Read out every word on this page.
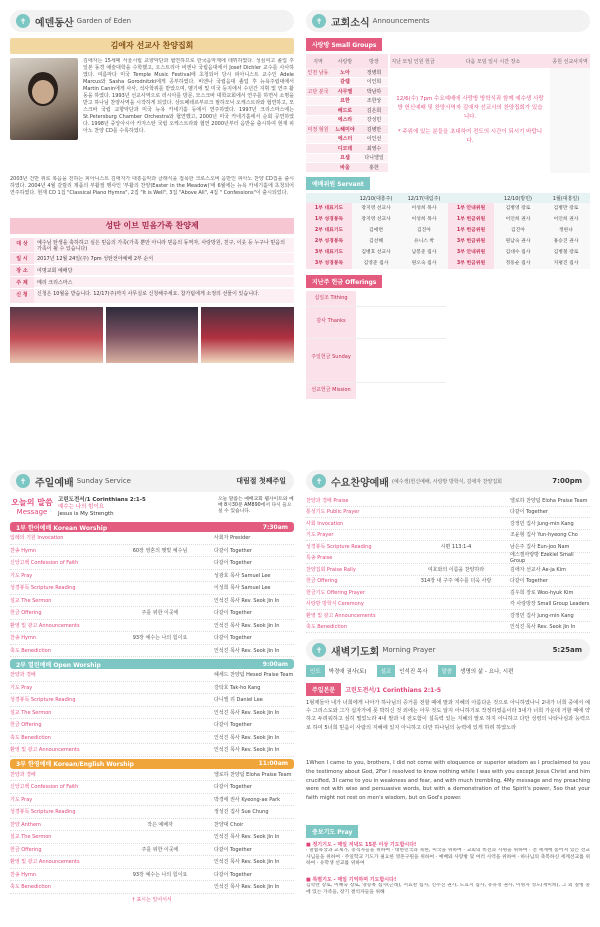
✝ 예덴동산 Garden of Eden
김애자 선교사 찬양집회

김애자는 15세때 서울시립 교향악단과 협연하므로 한국음악계에 데뷔하였다. 성심여고 졸업 후 일본 동경 예술대학을 수학했고, 오스트리아 비엔나 국립음대에서 Josef Dichler 교수를 사사하였다. 여름마다 미국 Temple Music Festival에 초청되어 당시 피아니스트 교수인 Adele Marcus와 Sasha Gorodnitzki에게 공부하였다. 비엔나 국립음대 졸업 후 뉴욕주립대에서 Martin Canin에게 사사, 석사학위를 받았으며, 벨기에 및 미국 등지에서 수년간 지휘 및 연주 활동을 하였다. 1993년 선교사역으로 러시아를 방문, 모스크바 대학교회에서 연주를 하면서 소명을 받고 하나님 찬양사역을 시작하게 되었다. 상트페테르부르크 필하모닉 오케스트라와 협연하고, 모스크바 국립 교향악단과 미국 뉴욕 카네기홀 등에서 연주하였다. 1997년 크리스마스에는 St.Petersburg Chamber Orchestra와 협연했고, 2000년 미국 카네기홀에서 순회 공연하였다. 1998년 중앙아시아 카자스탄 국립 오케스트라와 협연 2000년부터 음반을 출시하여 현재 피아노 찬양 CD를 수록하였다.

2003년 건반 위로 복음을 전하는 피아니스트 김애자가 대흥음악과 클래식을 접목한 크로스오버 음반인 피아노 찬양 CD집을 출시하였다. 2004년 4월 갈릴리 제품의 부활절 행사인 '부활의 찬양(Easter in the Meadow)'에 6월에는 뉴욕 카네기홀에 초청되어 연주하였다. 현재 CD 1집 "Classical Piano Hymns", 2집 "It is Well", 3집 "Above All", 4집 " Confessions"이 출시되었다.

성탄 이브 믿음가족 찬양제
대 상	예수님 탄생을 축하하고 싶은 믿음의 가족(가족 뿐만 아니라 믿음의 동역자, 사랑방원, 친구, 이웃 등 누구나 믿음의 가족이 될 수 있습니다)
일 시	2017년 12월 24일(주) 7pm 성탄전야예배 2부 순서
장 소	여명교회 예배당
주 제	메리 크리스마스
신 청	신청은 10월을 받습니다. 12/17(주)까지 사무실로 신청해주세요. 참가팀에게 소정의 선물이 있습니다.
✝ 교회소식 Announcements
사랑방 Small Groups
지역	사랑방	방장
인천 남동	노아	정병희
갈렙	이인희
고단 분국	사무엘	박남하
요한	조한상
베드로	김은희
에스라	강성민
미정 형원	느헤미야	김병만
에스더	이인선
디모데	최영수
요셉	다니엘일
바울	홍한
지난 모임 인원 헌금	다음 모임 일시 시간 장소	종원 선교사지역
12/6(수) 7pm 수요예배에 사랑방 방학식과 함께 예수생 사랑방 헌신예배 및 찬양사역자 김애자 선교사의 찬양집회가 있습니다.
* 주위에 있는 분들을 초대하여 전도의 시간이 되시기 바랍니다.
예배위원 Servant
12/10(대흥주)	12/17(대림주)	12/10(방민)	1월(대흥일)
1부 대표기도	장지영 선교사	이성희 목사	1부 안내위원	김병영 장로	김병만 장로
1부 성경봉독	장지영 선교사	이성희 목사	1부 헌금위원	이인희 권사	이인희 권사
2부 대표기도	김애련	김진아	1부 헌금위원	김진아	정한나
2부 성경봉독	김선혜	유니스 박	3부 헌금위원	원남숙 권사	홍승진 권사
3부 대표기도	김병호 선교사	남봉준 집사	3부 안내위원	김대수 집사	김병철 장로
3부 성경봉독	김영준 집사	원오숙 집사	3부 헌금위원	정동순 집사	지평진 집사
지난주 헌금 Offerings
십일조 Tithing
감사 Thanks
주일헌금 Sunday
선교헌금 Mission
✝ 주일예배 Sunday Service	대림절 첫째주일
오늘의 말씀
Message
고린도전서/1 Corinthians 2:1-5
예수는 나의 힘이요
Jesus is My Strength
오늘 말씀는 예배교회 웹사이트와 예배 8시30분 AM890에서 다시 들으실 수 있습니다.
1부 한어예배 Korean Worship	7:30am
입례의 기원 Invocation	사회자 Presider
찬송 Hymn	60장 영혼의 햇빛 예수님	다같이 Together
신앙고백 Confession of Faith	다같이 Together
기도 Pray	성광호 목사 Samuel Lee
성경봉독 Scripture Reading	이성희 목사 Samuel Lee
설교 The Sermon	인석진 목사 Rev. Seok Jin In
헌금 Offering	주를 위한 이곳에	다같이 Together
환영 및 광고 Announcements	인석진 목사 Rev. Seok Jin In
찬송 Hymn	93장 예수는 나의 힘이요	다같이 Together
축도 Benediction	인석진 목사 Rev. Seok Jin In
2부 열린예배 Open Worship	9:00am
찬양과 경배	헤세드 찬양팀 Hesed Praise Team
기도 Pray	강탁호 Tak-ho Kang
성경봉독 Scripture Reading	다니엘 리 Daniel Lee
설교 The Sermon	인석진 목사 Rev. Seok Jin In
헌금 Offering	다같이 Together
축도 Benediction	인석진 목사 Rev. Seok Jin In
환영 및 광고 Announcements	인석진 목사 Rev. Seok Jin In
3부 한영예배 Korean/English Worship	11:00am
찬양과 경배	엘로하 찬양팀 Eloha Praise Team
신앙고백 Confession of Faith	다같이 Together
기도 Pray	박경애 권사 Kyeong-ae Park
성경봉독 Scripture Reading	정성진 집사 Sue Chung
찬양 Anthem	작은 예배자	찬양대 Choir
설교 The Sermon	인석진 목사 Rev. Seok Jin In
헌금 Offering	주를 위한 이곳에	다같이 Together
환영 및 광고 Announcements	인석진 목사 Rev. Seok Jin In
찬송 Hymn	93장 예수는 나의 힘이요	다같이 Together
축도 Benediction	인석진 목사 Rev. Seok Jin In
† 표시는 일어서서
✝ 수요찬양예배 (예수생)헌신예배, 사랑방 방학식, 김애자 찬양집회	7:00pm
찬양과 경배 Praise	엘로하 찬양팀 Eloha Praise Team
통성기도 Public Prayer	다같이 Together
사회 Invocation	강정민 집사 Jung-min Kang
기도 Prayer	조윤형 집사 Yun-hyeong Cho
성경봉독 Scripture Reading	시편 113:1-4	남은주 집사 Eun-joo Nam
특송 Praise	에스겔사랑방 Ezekiel Small Group
찬양집회 Praise Rally	여호와의 이름을 찬양하라	김애자 선교사 Ae-ja Kim
헌금 Offering	314장 내 구주 예수를 더욱 사랑	다같이 Together
헌금기도 Offering Prayer	김우희 장로 Woo-hyuk Kim
사랑방 방학식 Ceremony	각 사랑방장 Small Group Leaders
환영 및 광고 Announcements	강정민 집사 Jung-min Kang
축도 Benediction	인석진 목사 Rev. Seok Jin In
✝ 새벽기도회 Morning Prayer	5:25am
인도	박경애 권사(토)	설교	인석진 목사	말씀	생명의 삶 - 요나, 시편
주일본문	고린도전서/1 Corinthians 2:1-5

1형제들아 내가 너희에게 나아가 하나님의 증거를 전할 때에 말과 지혜의 아름다운 것으로 아니하였나니 2내가 너희 중에서 예수 그리스도와 그가 십자가에 못 박히신 것 외에는 아무 것도 알지 아니하기로 작정하였음이라 3내가 너희 가운데 거할 때에 약하고 두려워하고 심히 떨었노라 4내 말과 내 전도함이 설득력 있는 지혜의 말로 하지 아니하고 다만 성령의 나타나심과 능력으로 하여 5너희 믿음이 사람의 지혜에 있지 아니하고 다만 하나님의 능력에 있게 하려 하였노라

1When I came to you, brothers, I did not come with eloquence or superior wisdom as I proclaimed to you the testimony about God, 2For I resolved to know nothing while I was with you except Jesus Christ and him crucified, 3I came to you in weakness and fear, and with much trembling, 4My message and my preaching were not with wise and persuasive words, but with a demonstration of the Spirit's power, 5so that your faith might not rest on men's wisdom, but on God's power.

중보기도 Pray
■ 정기기도 - 매일 저녁도 15분 이상 기도합시다!

· 말씀묵상과 교제가, 중직자들을 위하여 · 대한민국과 북한, 미국을 위하여 · 교회의 비전과 사명을 위하여 · 전 세계에 흩어져 있는 선교사님들을 위하여 · 주일학교 기도가 필요한 영혼구원을 위하여 · 예배와 사랑방 및 여러 사역을 위하여 · 하나님의 축복하신 세계선교를 위하여 · 유학생 선교를 위하여

■ 특별기도 - 매일 기억하며 기도합시다!

김학란 장로, 이혜숙 장로, 양승옥 집사(근래), 서효찬 집사, 신수진 권사, 도효지 집사, 유유정 권사, 이명자 성도(재미희), 그 외 질병 중에 있는 가족들, 장기 결석자들을 위해
